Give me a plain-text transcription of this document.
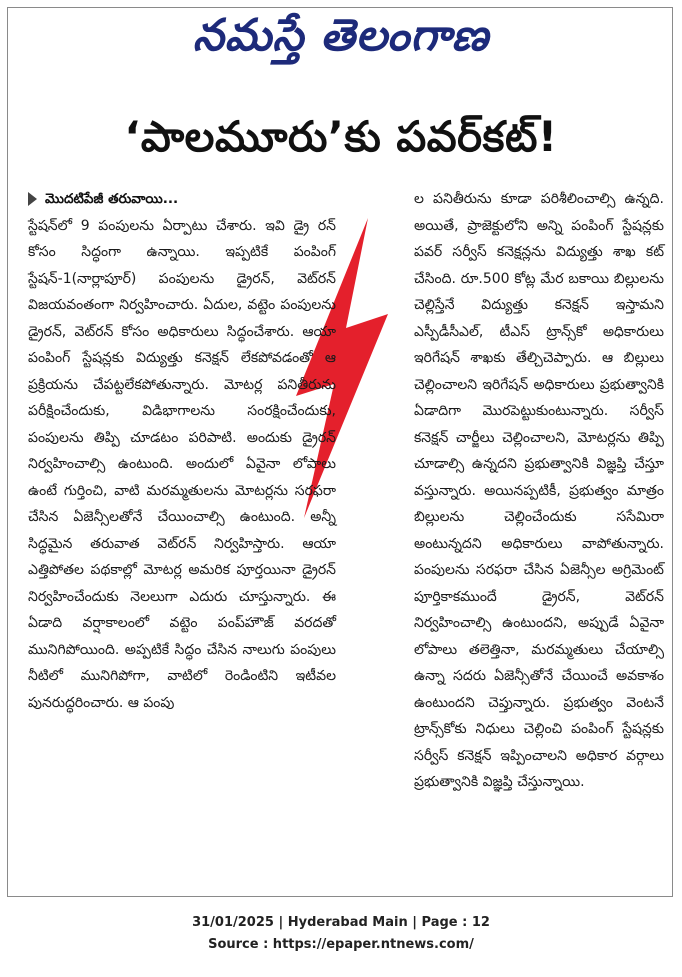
నమస్తే తెలంగాణ
‘పాలమూరు’కు పవర్‌కట్‌!
మొదటిపేజీ తరువాయి...

స్టేషన్‌లో 9 పంపులను ఏర్పాటు చేశారు. ఇవి డ్రై రన్‌ కోసం సిద్ధంగా ఉన్నాయి. ఇప్పటికే పంపింగ్‌ స్టేషన్‌-1(నార్లాపూర్‌) పంపులను డ్రైరన్‌, వెట్‌రన్‌ విజయవంతంగా నిర్వహించారు. ఏదుల, వట్టెం పంపులను డ్రైరన్‌, వెట్‌రన్‌ కోసం అధికారులు సిద్ధంచేశారు. ఆయా పంపింగ్‌ స్టేషన్లకు విద్యుత్తు కనెక్షన్‌ లేకపోవడంతో ఆ ప్రక్రియను చేపట్టలేకపోతున్నారు. మోటర్ల పనితీరును పరీక్షించేందుకు, విడిభాగాలను సంరక్షించేందుకు, పంపులను తిప్పి చూడటం పరిపాటి. అందుకు డ్రైరన్‌ నిర్వహించాల్సి ఉంటుంది. అందులో ఏవైనా లోపాలు ఉంటే గుర్తించి, వాటి మరమ్మతులను మోటర్లను సరఫరా చేసిన ఏజెన్సీలతోనే చేయించాల్సి ఉంటుంది. అన్నీ సిద్ధమైన తరువాత వెట్‌రన్‌ నిర్వహిస్తారు. ఆయా ఎత్తిపోతల పథకాల్లో మోటర్ల అమరిక పూర్తయినా డ్రైరన్‌ నిర్వహించేందుకు నెలలుగా ఎదురు చూస్తున్నారు. ఈ ఏడాది వర్షాకాలంలో వట్టెం పంప్‌హౌజ్‌ వరదతో మునిగిపోయింది. అప్పటికే సిద్ధం చేసిన నాలుగు పంపులు నీటిలో మునిగిపోగా, వాటిలో రెండింటిని ఇటీవల పునరుద్ధరించారు. ఆ పంపు

ల పనితీరును కూడా పరిశీలించాల్సి ఉన్నది. అయితే, ప్రాజెక్టులోని అన్ని పంపింగ్‌ స్టేషన్లకు పవర్‌ సర్వీస్‌ కనెక్షన్లను విద్యుత్తు శాఖ కట్‌ చేసింది. రూ.500 కోట్ల మేర బకాయి బిల్లులను చెల్లిస్తేనే విద్యుత్తు కనెక్షన్‌ ఇస్తామని ఎస్పీడీసీఎల్‌, టీఎస్‌ ట్రాన్స్‌కో అధికారులు ఇరిగేషన్‌ శాఖకు తేల్చిచెప్పారు. ఆ బిల్లులు చెల్లించాలని ఇరిగేషన్‌ అధికారులు ప్రభుత్వానికి ఏడాదిగా మొరపెట్టుకుంటున్నారు. సర్వీస్‌ కనెక్షన్‌ చార్జీలు చెల్లించాలని, మోటర్లను తిప్పి చూడాల్సి ఉన్నదని ప్రభుత్వానికి విజ్ఞప్తి చేస్తూ వస్తున్నారు. అయినప్పటికీ, ప్రభుత్వం మాత్రం బిల్లులను చెల్లించేందుకు ససేమిరా అంటున్నదని అధికారులు వాపోతున్నారు. పంపులను సరఫరా చేసిన ఏజెన్సీల అగ్రిమెంట్‌ పూర్తికాకముందే డ్రైరన్‌, వెట్‌రన్‌ నిర్వహించాల్సి ఉంటుందని, అప్పుడే ఏవైనా లోపాలు తలెత్తినా, మరమ్మతులు చేయాల్సి ఉన్నా సదరు ఏజెన్సీతోనే చేయించే అవకాశం ఉంటుందని చెప్తున్నారు. ప్రభుత్వం వెంటనే ట్రాన్స్‌కోకు నిధులు చెల్లించి పంపింగ్‌ స్టేషన్లకు సర్వీస్‌ కనెక్షన్‌ ఇప్పించాలని అధికార వర్గాలు ప్రభుత్వానికి విజ్ఞప్తి చేస్తున్నాయి.

31/01/2025 | Hyderabad Main | Page : 12
Source : https://epaper.ntnews.com/
